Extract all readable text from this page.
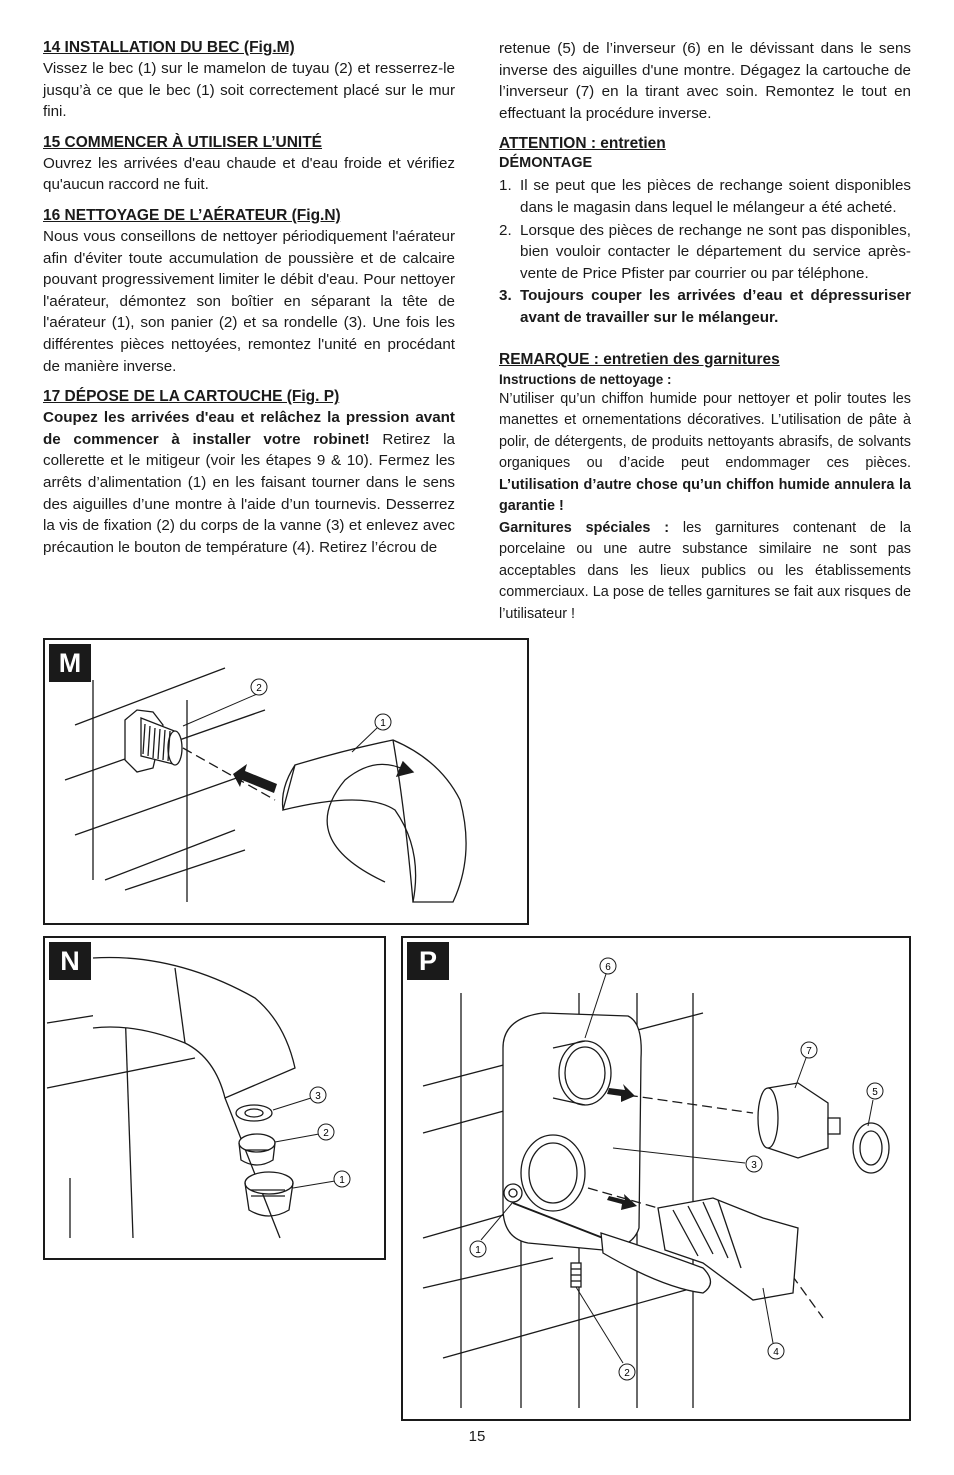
14 INSTALLATION DU BEC (Fig.M)

Vissez le bec (1) sur le mamelon de tuyau (2) et resserrez-le jusqu’à ce que le bec (1) soit correctement placé sur le mur fini.

15 COMMENCER À UTILISER L’UNITÉ

Ouvrez les arrivées d'eau chaude et d'eau froide et vérifiez qu'aucun raccord ne fuit.

16 NETTOYAGE DE L’AÉRATEUR (Fig.N)

Nous vous conseillons de nettoyer périodiquement l'aérateur afin d'éviter toute accumulation de poussière et de calcaire pouvant progressivement limiter le débit d'eau. Pour nettoyer l'aérateur, démontez son boîtier en séparant la tête de l'aérateur (1), son panier (2) et sa rondelle (3). Une fois les différentes pièces nettoyées, remontez l'unité en procédant de manière inverse.

17 DÉPOSE DE LA CARTOUCHE (Fig. P)

Coupez les arrivées d'eau et relâchez la pression avant de commencer à installer votre robinet! Retirez la collerette et le mitigeur (voir les étapes 9 & 10). Fermez les arrêts d’alimentation (1) en les faisant tourner dans le sens des aiguilles d’une montre à l'aide d’un tournevis. Desserrez la vis de fixation (2) du corps de la vanne (3) et enlevez avec précaution le bouton de température (4). Retirez l’écrou de

retenue (5) de l’inverseur (6) en le dévissant dans le sens inverse des aiguilles d'une montre. Dégagez la cartouche de l’inverseur (7) en la tirant avec soin. Remontez le tout en effectuant la procédure inverse.

ATTENTION : entretien
DÉMONTAGE
1. Il se peut que les pièces de rechange soient disponibles dans le magasin dans lequel le mélangeur a été acheté.
2. Lorsque des pièces de rechange ne sont pas disponibles, bien vouloir contacter le département du service après-vente de Price Pfister par courrier ou par téléphone.
3. Toujours couper les arrivées d’eau et dépressuriser avant de travailler sur le mélangeur.
REMARQUE : entretien des garnitures
Instructions de nettoyage :

N’utiliser qu’un chiffon humide pour nettoyer et polir toutes les manettes et ornementations décoratives. L’utilisation de pâte à polir, de détergents, de produits nettoyants abrasifs, de solvants organiques ou d’acide peut endommager ces pièces. L’utilisation d’autre chose qu’un chiffon humide annulera la garantie !

Garnitures spéciales : les garnitures contenant de la porcelaine ou une autre substance similaire ne sont pas acceptables dans les lieux publics ou les établissements commerciaux. La pose de telles garnitures se fait aux risques de l’utilisateur !

M
2
1
N
3
2
1
P	6
7
5
3
1
4
2
15
